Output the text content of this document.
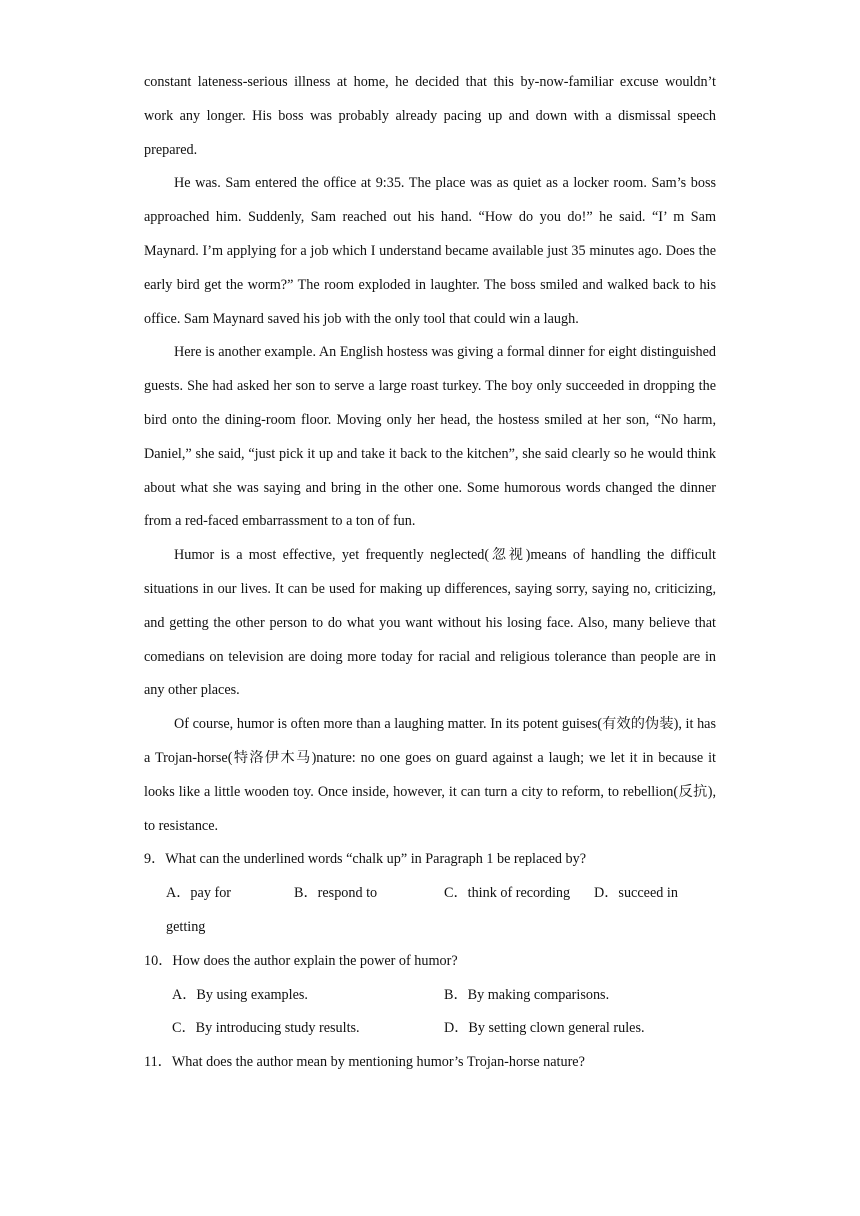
constant lateness-serious illness at home, he decided that this by-now-familiar excuse wouldn’t work any longer. His boss was probably already pacing up and down with a dismissal speech prepared.

He was. Sam entered the office at 9:35. The place was as quiet as a locker room. Sam’s boss approached him. Suddenly, Sam reached out his hand. “How do you do!” he said. “I’ m Sam Maynard. I’m applying for a job which I understand became available just 35 minutes ago. Does the early bird get the worm?” The room exploded in laughter. The boss smiled and walked back to his office. Sam Maynard saved his job with the only tool that could win a laugh.

Here is another example. An English hostess was giving a formal dinner for eight distinguished guests. She had asked her son to serve a large roast turkey. The boy only succeeded in dropping the bird onto the dining-room floor. Moving only her head, the hostess smiled at her son, “No harm, Daniel,” she said, “just pick it up and take it back to the kitchen”, she said clearly so he would think about what she was saying and bring in the other one. Some humorous words changed the dinner from a red-faced embarrassment to a ton of fun.

Humor is a most effective, yet frequently neglected(忽视)means of handling the difficult situations in our lives. It can be used for making up differences, saying sorry, saying no, criticizing, and getting the other person to do what you want without his losing face. Also, many believe that comedians on television are doing more today for racial and religious tolerance than people are in any other places.

Of course, humor is often more than a laughing matter. In its potent guises(有效的伪装), it has a Trojan-horse(特洛伊木马)nature: no one goes on guard against a laugh; we let it in because it looks like a little wooden toy. Once inside, however, it can turn a city to reform, to rebellion(反抗), to resistance.

9．What can the underlined words “chalk up” in Paragraph 1 be replaced by?

A．pay for	B．respond to	C．think of recording D．succeed in
getting

10．How does the author explain the power of humor?

A．By using examples.	B．By making comparisons.
C．By introducing study results.	D．By setting clown general rules.

11．What does the author mean by mentioning humor’s Trojan-horse nature?
